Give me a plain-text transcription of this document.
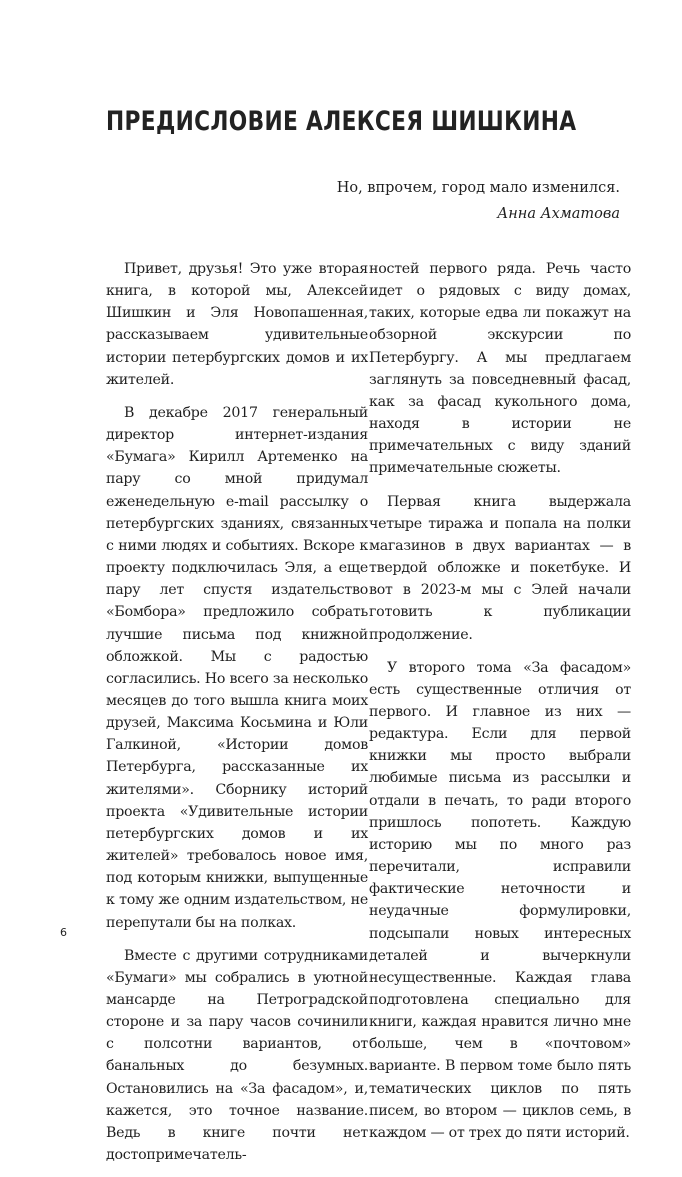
ПРЕДИСЛОВИЕ АЛЕКСЕЯ ШИШКИНА
Но, впрочем, город мало изменился.
Анна Ахматова

Привет, друзья! Это уже вторая книга, в которой мы, Алексей Шишкин и Эля Новопашенная, рассказываем удивительные истории петербургских домов и их жителей.

В декабре 2017 генеральный директор интернет-издания «Бумага» Кирилл Артеменко на пару со мной придумал еженедельную e-mail рассылку о петербургских зданиях, связанных с ними людях и событиях. Вскоре к проекту подключилась Эля, а еще пару лет спустя издательство «Бомбора» предложило собрать лучшие письма под книжной обложкой. Мы с радостью согласились. Но всего за несколько месяцев до того вышла книга моих друзей, Максима Косьмина и Юли Галкиной, «Истории домов Петербурга, рассказанные их жителями». Сборнику историй проекта «Удивительные истории петербургских домов и их жителей» требовалось новое имя, под которым книжки, выпущенные к тому же одним издательством, не перепутали бы на полках.

Вместе с другими сотрудниками «Бумаги» мы собрались в уютной мансарде на Петроградской стороне и за пару часов сочинили с полсотни вариантов, от банальных до безумных. Остановились на «За фасадом», и, кажется, это точное название. Ведь в книге почти нет достопримечатель-

ностей первого ряда. Речь часто идет о рядовых с виду домах, таких, которые едва ли покажут на обзорной экскурсии по Петербургу. А мы предлагаем заглянуть за повседневный фасад, как за фасад кукольного дома, находя в истории не примечательных с виду зданий примечательные сюжеты.

Первая книга выдержала четыре тиража и попала на полки магазинов в двух вариантах — в твердой обложке и покетбуке. И вот в 2023-м мы с Элей начали готовить к публикации продолжение.

У второго тома «За фасадом» есть существенные отличия от первого. И главное из них — редактура. Если для первой книжки мы просто выбрали любимые письма из рассылки и отдали в печать, то ради второго пришлось попотеть. Каждую историю мы по много раз перечитали, исправили фактические неточности и неудачные формулировки, подсыпали новых интересных деталей и вычеркнули несущественные. Каждая глава подготовлена специально для книги, каждая нравится лично мне больше, чем в «почтовом» варианте. В первом томе было пять тематических циклов по пять писем, во втором — циклов семь, в каждом — от трех до пяти историй.

6
